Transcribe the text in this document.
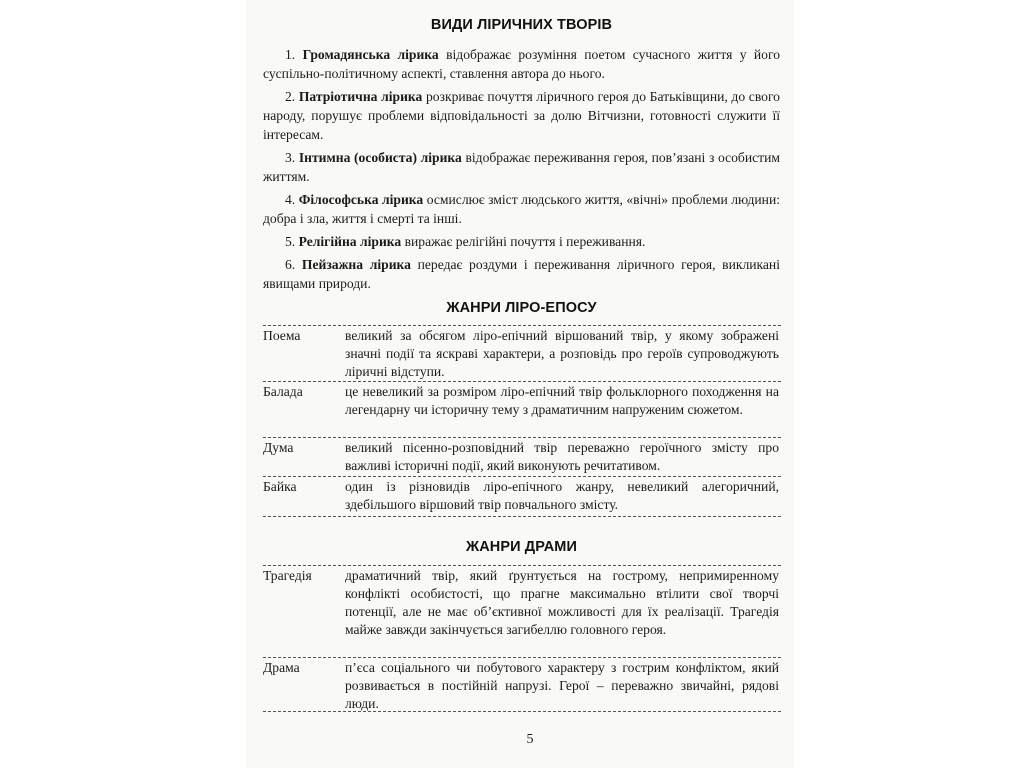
ВИДИ ЛІРИЧНИХ ТВОРІВ

1. Громадянська лірика відображає розуміння поетом сучасного життя у його суспільно-політичному аспекті, ставлення автора до нього.

2. Патріотична лірика розкриває почуття ліричного героя до Батьківщини, до свого народу, порушує проблеми відповідальності за долю Вітчизни, готовності служити її інтересам.

3. Інтимна (особиста) лірика відображає переживання героя, пов’язані з особистим життям.

4. Філософська лірика осмислює зміст людського життя, «вічні» проблеми людини: добра і зла, життя і смерті та інші.

5. Релігійна лірика виражає релігійні почуття і переживання.

6. Пейзажна лірика передає роздуми і переживання ліричного героя, викликані явищами природи.

ЖАНРИ ЛІРО-ЕПОСУ
Поема	великий за обсягом ліро-епічний віршований твір, у якому зображені значні події та яскраві характери, а розповідь про героїв супроводжують ліричні відступи.
Балада	це невеликий за розміром ліро-епічний твір фольклорного походження на легендарну чи історичну тему з драматичним напруженим сюжетом.
Дума	великий пісенно-розповідний твір переважно героїчного змісту про важливі історичні події, який виконують речитативом.
Байка	один із різновидів ліро-епічного жанру, невеликий алегоричний, здебільшого віршовий твір повчального змісту.
ЖАНРИ ДРАМИ
Трагедія	драматичний твір, який ґрунтується на гострому, непримиренному конфлікті особистості, що прагне максимально втілити свої творчі потенції, але не має об’єктивної можливості для їх реалізації. Трагедія майже завжди закінчується загибеллю головного героя.
Драма	п’єса соціального чи побутового характеру з гострим конфліктом, який розвивається в постійній напрузі. Герої – переважно звичайні, рядові люди.
5
